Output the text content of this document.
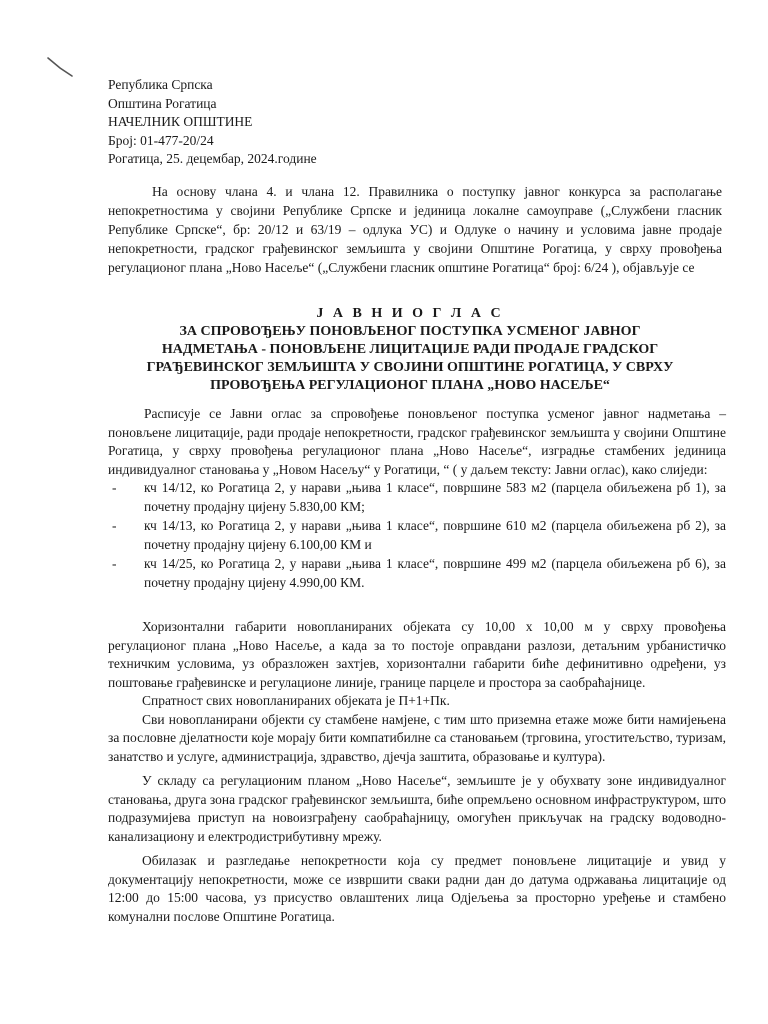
Република Српска
Општина Рогатица
НАЧЕЛНИК ОПШТИНЕ
Број: 01-477-20/24
Рогатица, 25. децембар, 2024.године
На основу члана 4. и члана 12. Правилника о поступку јавног конкурса за располагање непокретностима у својини Републике Српске и јединица локалне самоуправе („Службени гласник Републике Српске“, бр: 20/12 и 63/19 – одлука УС) и Одлуке о начину и условима јавне продаје непокретности, градског грађевинског земљишта у својини Општине Рогатица, у сврху провођења регулационог плана „Ново Насеље“ („Службени гласник општине Рогатица“ број: 6/24 ), објављује се
Ј А В Н И О Г Л А С
ЗА СПРОВОЂЕЊУ ПОНОВЉЕНОГ ПОСТУПКА УСМЕНОГ ЈАВНОГ
НАДМЕТАЊА - ПОНОВЉЕНЕ ЛИЦИТАЦИЈЕ РАДИ ПРОДАЈЕ ГРАДСКОГ
ГРАЂЕВИНСКОГ ЗЕМЉИШТА У СВОЈИНИ ОПШТИНЕ РОГАТИЦА, У СВРХУ
ПРОВОЂЕЊА РЕГУЛАЦИОНОГ ПЛАНА „НОВО НАСЕЉЕ“

Расписује се Јавни оглас за спровођење поновљеног поступка усменог јавног надметања – поновљене лицитације, ради продаје непокретности, градског грађевинског земљишта у својини Општине Рогатица, у сврху провођења регулационог плана „Ново Насеље“, изградње стамбених јединица индивидуалног становања у „Новом Насељу“ у Рогатици, “ ( у даљем тексту: Јавни оглас), како слиједи:

- кч 14/12, ко Рогатица 2, у нарави „њива 1 класе“, површине 583 м2 (парцела обиљежена рб 1), за почетну продајну цијену 5.830,00 КМ;
- кч 14/13, ко Рогатица 2, у нарави „њива 1 класе“, површине 610 м2 (парцела обиљежена рб 2), за почетну продајну цијену 6.100,00 КМ и
- кч 14/25, ко Рогатица 2, у нарави „њива 1 класе“, површине 499 м2 (парцела обиљежена рб 6), за почетну продајну цијену 4.990,00 КМ.

Хоризонтални габарити новопланираних објеката су 10,00 x 10,00 м у сврху провођења регулационог плана „Ново Насеље, а када за то постоје оправдани разлози, детаљним урбанистичко техничким условима, уз образложен захтјев, хоризонтални габарити биће дефинитивно одређени, уз поштовање грађевинске и регулационе линије, границе парцеле и простора за саобраћајнице.

Спратност свих новопланираних објеката је П+1+Пк.

Сви новопланирани објекти су стамбене намјене, с тим што приземна етаже може бити намијењена за пословне дјелатности које морају бити компатибилне са становањем (трговина, угоститељство, туризам, занатство и услуге, администрација, здравство, дјечја заштита, образовање и култура).

У складу са регулационим планом „Ново Насеље“, земљиште је у обухвату зоне индивидуалног становања, друга зона градског грађевинског земљишта, биће опремљено основном инфраструктуром, што подразумијева приступ на новоизграђену саобраћајницу, омогућен прикључак на градску водоводно-канализациону и електродистрибутивну мрежу.

Обилазак и разгледање непокретности која су предмет поновљене лицитације и увид у документацију непокретности, може се извршити сваки радни дан до датума одржавања лицитације од 12:00 до 15:00 часова, уз присуство овлаштених лица Одјељења за просторно уређење и стамбено комунални послове Општине Рогатица.
